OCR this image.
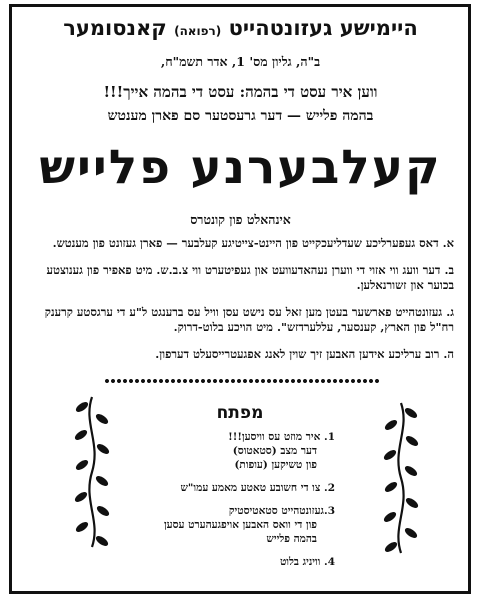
היימישע געזונטהייט (רפואה) קאנסומער
ב"ה, גליון מס' 1, אדר תשמ"ח,
ווען איר עסט די בהמה: עסט די בהמה אייך!!!
בהמה פלייש — דער גרעסטער סם פארן מענטש
קעלבערנע פלייש
אינהאלט פון קונטרס

א. דאס געפערליכע שעדליעכקייט פון היינט-צייטיגע קעלבער — פארן געזונט פון מענטש.

ב. דער וועג ווי אזוי די ווערן נעהאדעוועט און געפיטערט ווי צ.ב.ש. מיט פאפיר פון גענוצטע בכוער און זשורנאלען.

ג. געזונטהייט פארשער בעטן מען זאל עס נישט עסן וויל עס ברענגט ל"ע די ערגסטע קרענק רח"ל פון הארץ, קענסער, עללערדזש". מיט הויכע בלוט-דרוק.

ה. רוב ערליכע אידען האבען זיך שוין לאנג אפגעטרייסעלט דערפון.

מפתח
1. איר מוזט עס וויסען!!!
דער מצב (סטאטוס)
פון טשיקען (עופות)
2. צו די חשובע טאטע מאמע עמו"ש
3.געזונטהייט סטאטיסטיק
פון די וואס האבען אויפגעהערט עסען
בהמה פלייש
4. וויניג בלוט
